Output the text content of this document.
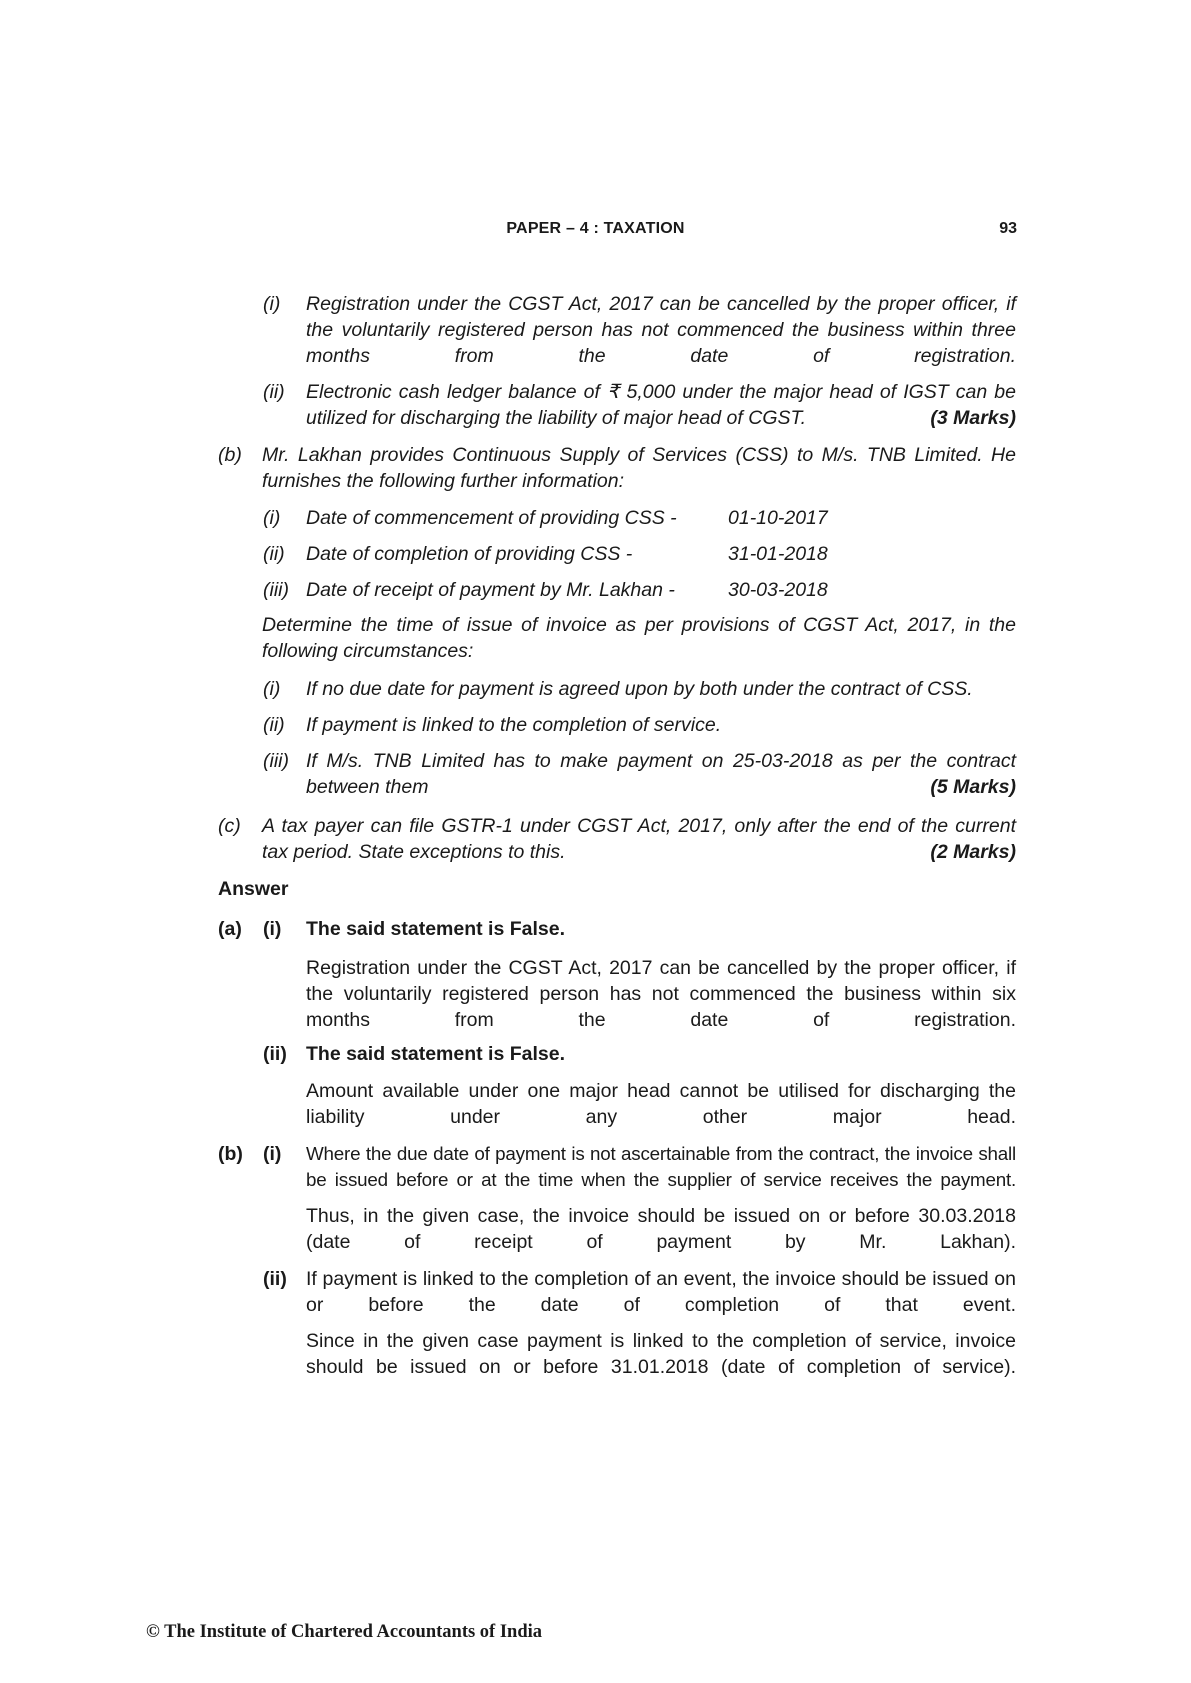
PAPER – 4 : TAXATION	93
(i)	Registration under the CGST Act, 2017 can be cancelled by the proper officer, if the voluntarily registered person has not commenced the business within three months from the date of registration.
(ii)	Electronic cash ledger balance of ₹ 5,000 under the major head of IGST can be utilized for discharging the liability of major head of CGST.	(3 Marks)
(b)	Mr. Lakhan provides Continuous Supply of Services (CSS) to M/s. TNB Limited. He furnishes the following further information:
(i)	Date of commencement of providing CSS -	01-10-2017
(ii)	Date of completion of providing CSS -	31-01-2018
(iii) Date of receipt of payment by Mr. Lakhan -	30-03-2018
Determine the time of issue of invoice as per provisions of CGST Act, 2017, in the following circumstances:
(i)	If no due date for payment is agreed upon by both under the contract of CSS.
(ii)	If payment is linked to the completion of service.
(iii) If M/s. TNB Limited has to make payment on 25-03-2018 as per the contract between them	(5 Marks)
(c)	A tax payer can file GSTR-1 under CGST Act, 2017, only after the end of the current tax period. State exceptions to this.	(2 Marks)
Answer
(a)	(i)	The said statement is False.
Registration under the CGST Act, 2017 can be cancelled by the proper officer, if the voluntarily registered person has not commenced the business within six months from the date of registration.
(ii) The said statement is False.
Amount available under one major head cannot be utilised for discharging the liability under any other major head.
(b)	(i)	Where the due date of payment is not ascertainable from the contract, the invoice shall be issued before or at the time when the supplier of service receives the payment.
Thus, in the given case, the invoice should be issued on or before 30.03.2018 (date of receipt of payment by Mr. Lakhan).
(ii) If payment is linked to the completion of an event, the invoice should be issued on or before the date of completion of that event.
Since in the given case payment is linked to the completion of service, invoice should be issued on or before 31.01.2018 (date of completion of service).
© The Institute of Chartered Accountants of India
